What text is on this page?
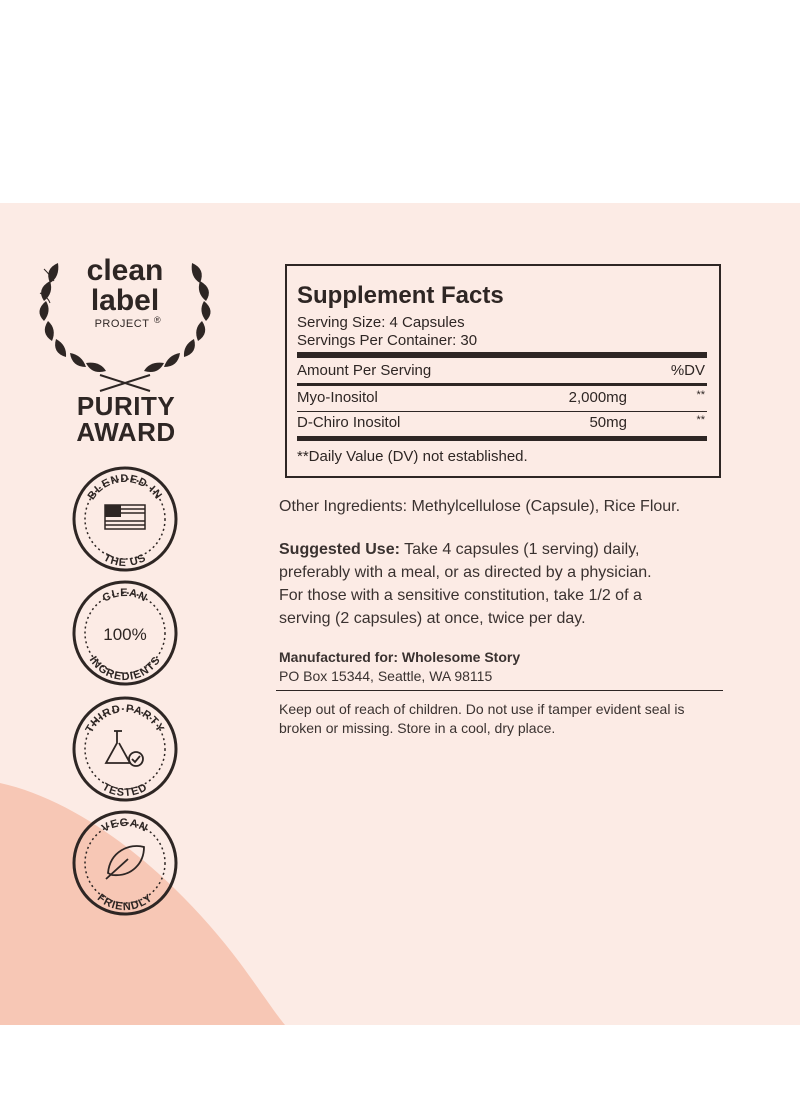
clean
label
PROJECT ®
BLENDED IN
THE US
CLEAN
INGREDIENTS
100%
THIRD PARTY
TESTED
VEGAN
FRIENDLY
PURITY
AWARD
Supplement Facts
Serving Size: 4 Capsules
Servings Per Container: 30
Amount Per Serving	%DV
Myo-Inositol	2,000mg	**
D-Chiro Inositol	50mg	**
**Daily Value (DV) not established.
Other Ingredients: Methylcellulose (Capsule), Rice Flour.
Suggested Use: Take 4 capsules (1 serving) daily,
preferably with a meal, or as directed by a physician.
For those with a sensitive constitution, take 1/2 of a
serving (2 capsules) at once, twice per day.
Manufactured for: Wholesome Story
PO Box 15344, Seattle, WA 98115
Keep out of reach of children. Do not use if tamper evident seal is
broken or missing. Store in a cool, dry place.
